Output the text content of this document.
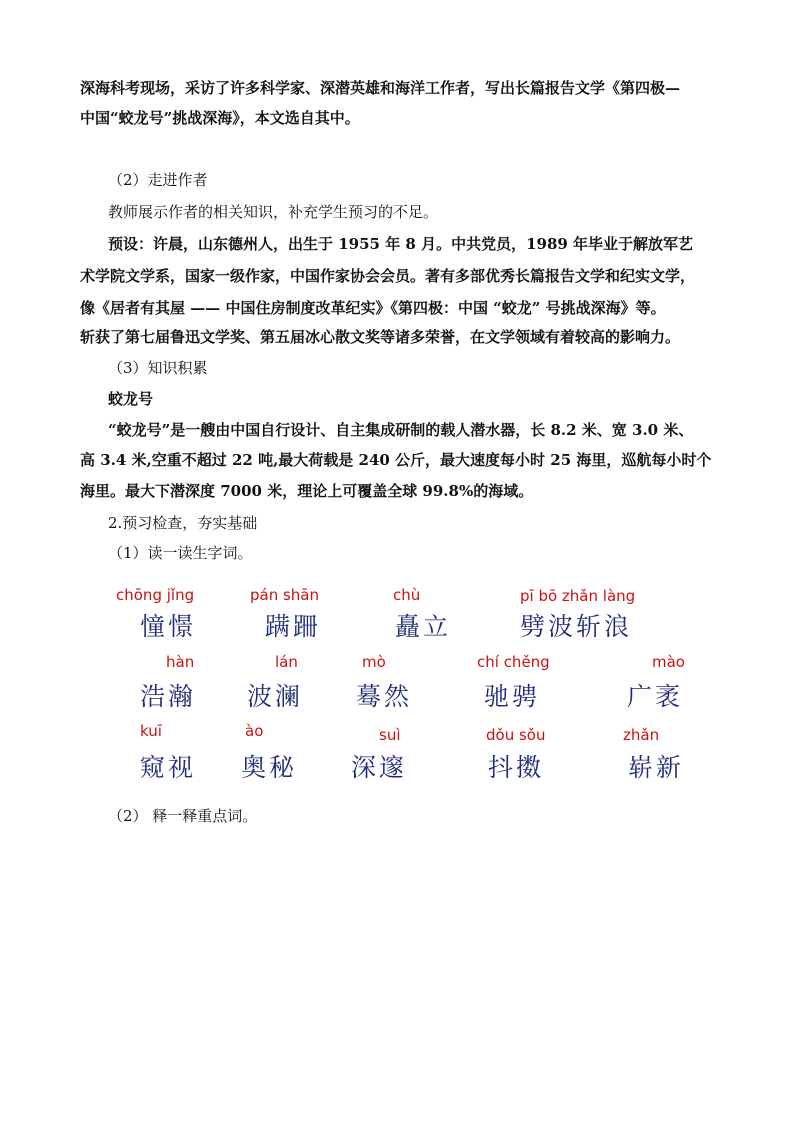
深海科考现场，采访了许多科学家、深潜英雄和海洋工作者，写出长篇报告文学《第四极—
中国“蛟龙号”挑战深海》，本文选自其中。
（2）走进作者
教师展示作者的相关知识，补充学生预习的不足。
预设：许晨，山东德州人，出生于 1955 年 8 月。中共党员，1989 年毕业于解放军艺
术学院文学系，国家一级作家，中国作家协会会员。著有多部优秀长篇报告文学和纪实文学，
像《居者有其屋 —— 中国住房制度改革纪实》《第四极：中国 “蛟龙” 号挑战深海》等。
斩获了第七届鲁迅文学奖、第五届冰心散文奖等诸多荣誉，在文学领域有着较高的影响力。
（3）知识积累
蛟龙号
“蛟龙号”是一艘由中国自行设计、自主集成研制的载人潜水器，长 8.2 米、宽 3.0 米、
高 3.4 米,空重不超过 22 吨,最大荷载是 240 公斤，最大速度每小时 25 海里，巡航每小时个
海里。最大下潜深度 7000 米，理论上可覆盖全球 99.8%的海域。
2.预习检查，夯实基础
（1）读一读生字词。
chōng jǐng
憧憬
pán shān
蹒跚
chù
矗立
pī bō zhǎn làng
劈波斩浪
hàn
浩瀚
lán
波澜
mò
蓦然
chí chěng
驰骋
mào
广袤
kuī
窥视
ào
奥秘
suì
深邃
dǒu sǒu
抖擞
zhǎn
崭新
（2） 释一释重点词。
